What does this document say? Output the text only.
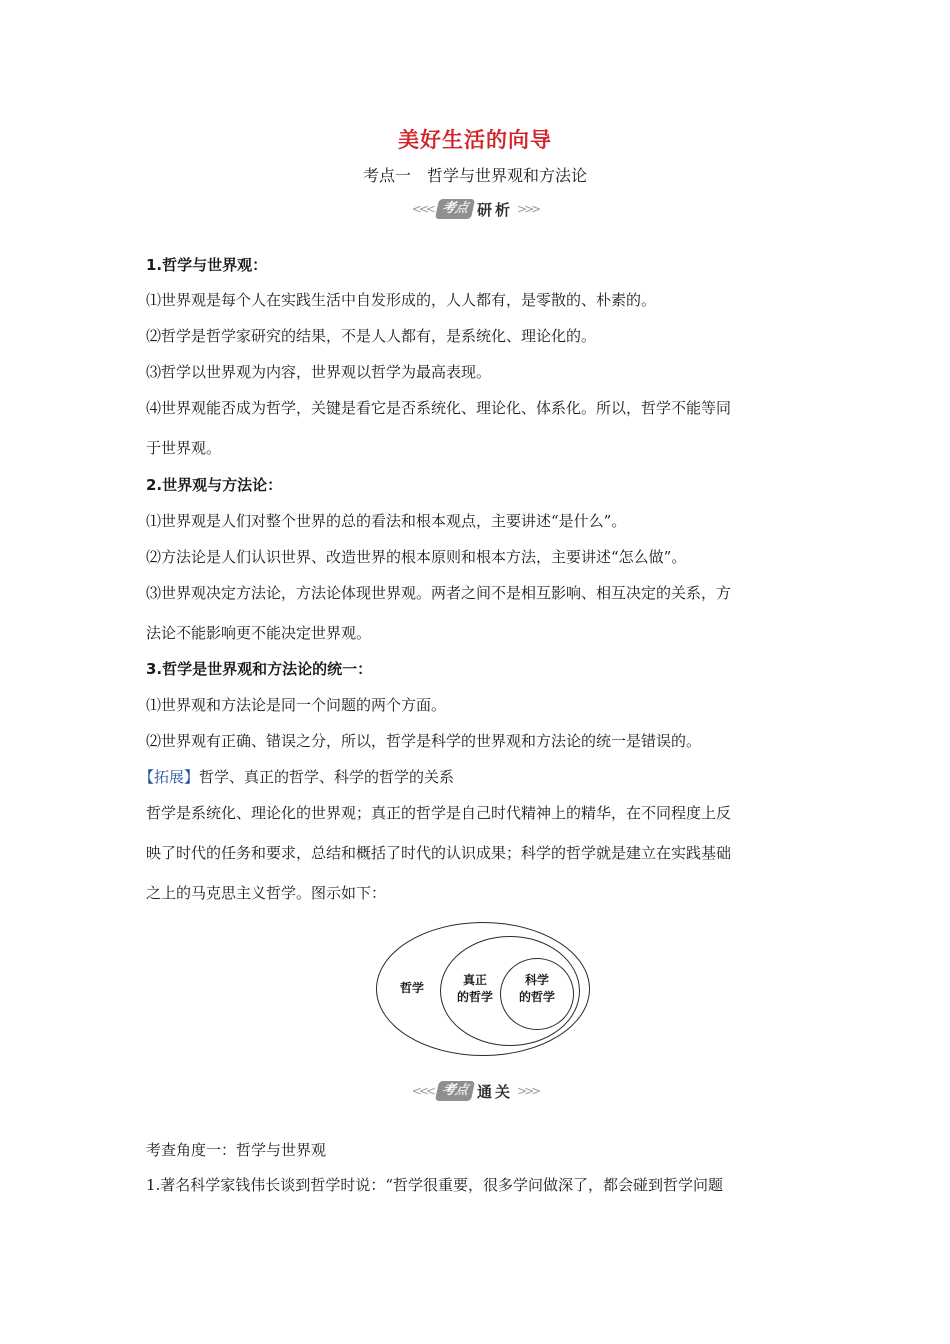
美好生活的向导
考点一　哲学与世界观和方法论
<<< 考点 研析 >>>
1.哲学与世界观：
⑴世界观是每个人在实践生活中自发形成的，人人都有，是零散的、朴素的。
⑵哲学是哲学家研究的结果，不是人人都有，是系统化、理论化的。
⑶哲学以世界观为内容，世界观以哲学为最高表现。
⑷世界观能否成为哲学，关键是看它是否系统化、理论化、体系化。所以，哲学不能等同
于世界观。
2.世界观与方法论：
⑴世界观是人们对整个世界的总的看法和根本观点，主要讲述“是什么”。
⑵方法论是人们认识世界、改造世界的根本原则和根本方法，主要讲述“怎么做”。
⑶世界观决定方法论，方法论体现世界观。两者之间不是相互影响、相互决定的关系，方
法论不能影响更不能决定世界观。
3.哲学是世界观和方法论的统一：
⑴世界观和方法论是同一个问题的两个方面。
⑵世界观有正确、错误之分，所以，哲学是科学的世界观和方法论的统一是错误的。
【拓展】哲学、真正的哲学、科学的哲学的关系
哲学是系统化、理论化的世界观；真正的哲学是自己时代精神上的精华，在不同程度上反
映了时代的任务和要求，总结和概括了时代的认识成果；科学的哲学就是建立在实践基础
之上的马克思主义哲学。图示如下：
哲学
真正
的哲学
科学
的哲学
<<< 考点 通关 >>>
考查角度一：哲学与世界观
1.著名科学家钱伟长谈到哲学时说：“哲学很重要，很多学问做深了，都会碰到哲学问题
